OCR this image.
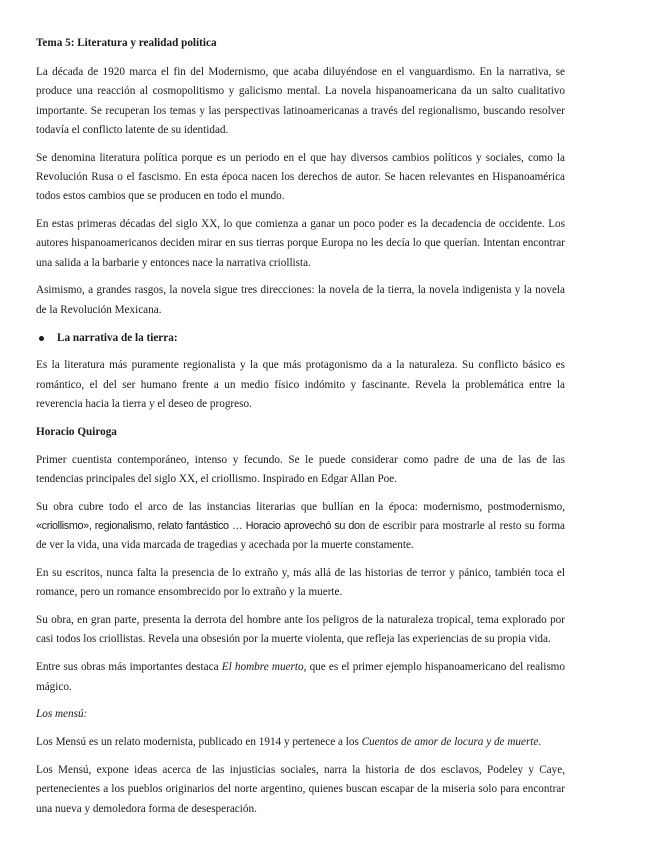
Tema 5: Literatura y realidad política

La década de 1920 marca el fin del Modernismo, que acaba diluyéndose en el vanguardismo. En la narrativa, se produce una reacción al cosmopolitismo y galicismo mental. La novela hispanoamericana da un salto cualitativo importante. Se recuperan los temas y las perspectivas latinoamericanas a través del regionalismo, buscando resolver todavía el conflicto latente de su identidad.

Se denomina literatura política porque es un periodo en el que hay diversos cambios políticos y sociales, como la Revolución Rusa o el fascismo. En esta época nacen los derechos de autor. Se hacen relevantes en Hispanoamérica todos estos cambios que se producen en todo el mundo.

En estas primeras décadas del siglo XX, lo que comienza a ganar un poco poder es la decadencia de occidente. Los autores hispanoamericanos deciden mirar en sus tierras porque Europa no les decía lo que querían. Intentan encontrar una salida a la barbarie y entonces nace la narrativa criollista.

Asimismo, a grandes rasgos, la novela sigue tres direcciones: la novela de la tierra, la novela indigenista y la novela de la Revolución Mexicana.

La narrativa de la tierra:

Es la literatura más puramente regionalista y la que más protagonismo da a la naturaleza. Su conflicto básico es romántico, el del ser humano frente a un medio físico indómito y fascinante. Revela la problemática entre la reverencia hacia la tierra y el deseo de progreso.

Horacio Quiroga

Primer cuentista contemporáneo, intenso y fecundo. Se le puede considerar como padre de una de las de las tendencias principales del siglo XX, el criollismo. Inspirado en Edgar Allan Poe.

Su obra cubre todo el arco de las instancias literarias que bullían en la época: modernismo, postmodernismo, «criollismo», regionalismo, relato fantástico … Horacio aprovechó su don de escribir para mostrarle al resto su forma de ver la vida, una vida marcada de tragedias y acechada por la muerte constamente.

En su escritos, nunca falta la presencia de lo extraño y, más allá de las historias de terror y pánico, también toca el romance, pero un romance ensombrecido por lo extraño y la muerte.

Su obra, en gran parte, presenta la derrota del hombre ante los peligros de la naturaleza tropical, tema explorado por casi todos los criollistas. Revela una obsesión por la muerte violenta, que refleja las experiencias de su propia vida.

Entre sus obras más importantes destaca El hombre muerto, que es el primer ejemplo hispanoamericano del realismo mágico.

Los mensú:

Los Mensú es un relato modernista, publicado en 1914 y pertenece a los Cuentos de amor de locura y de muerte.

Los Mensú, expone ideas acerca de las injusticias sociales, narra la historia de dos esclavos, Podeley y Caye, pertenecientes a los pueblos originarios del norte argentino, quienes buscan escapar de la miseria solo para encontrar una nueva y demoledora forma de desesperación.
